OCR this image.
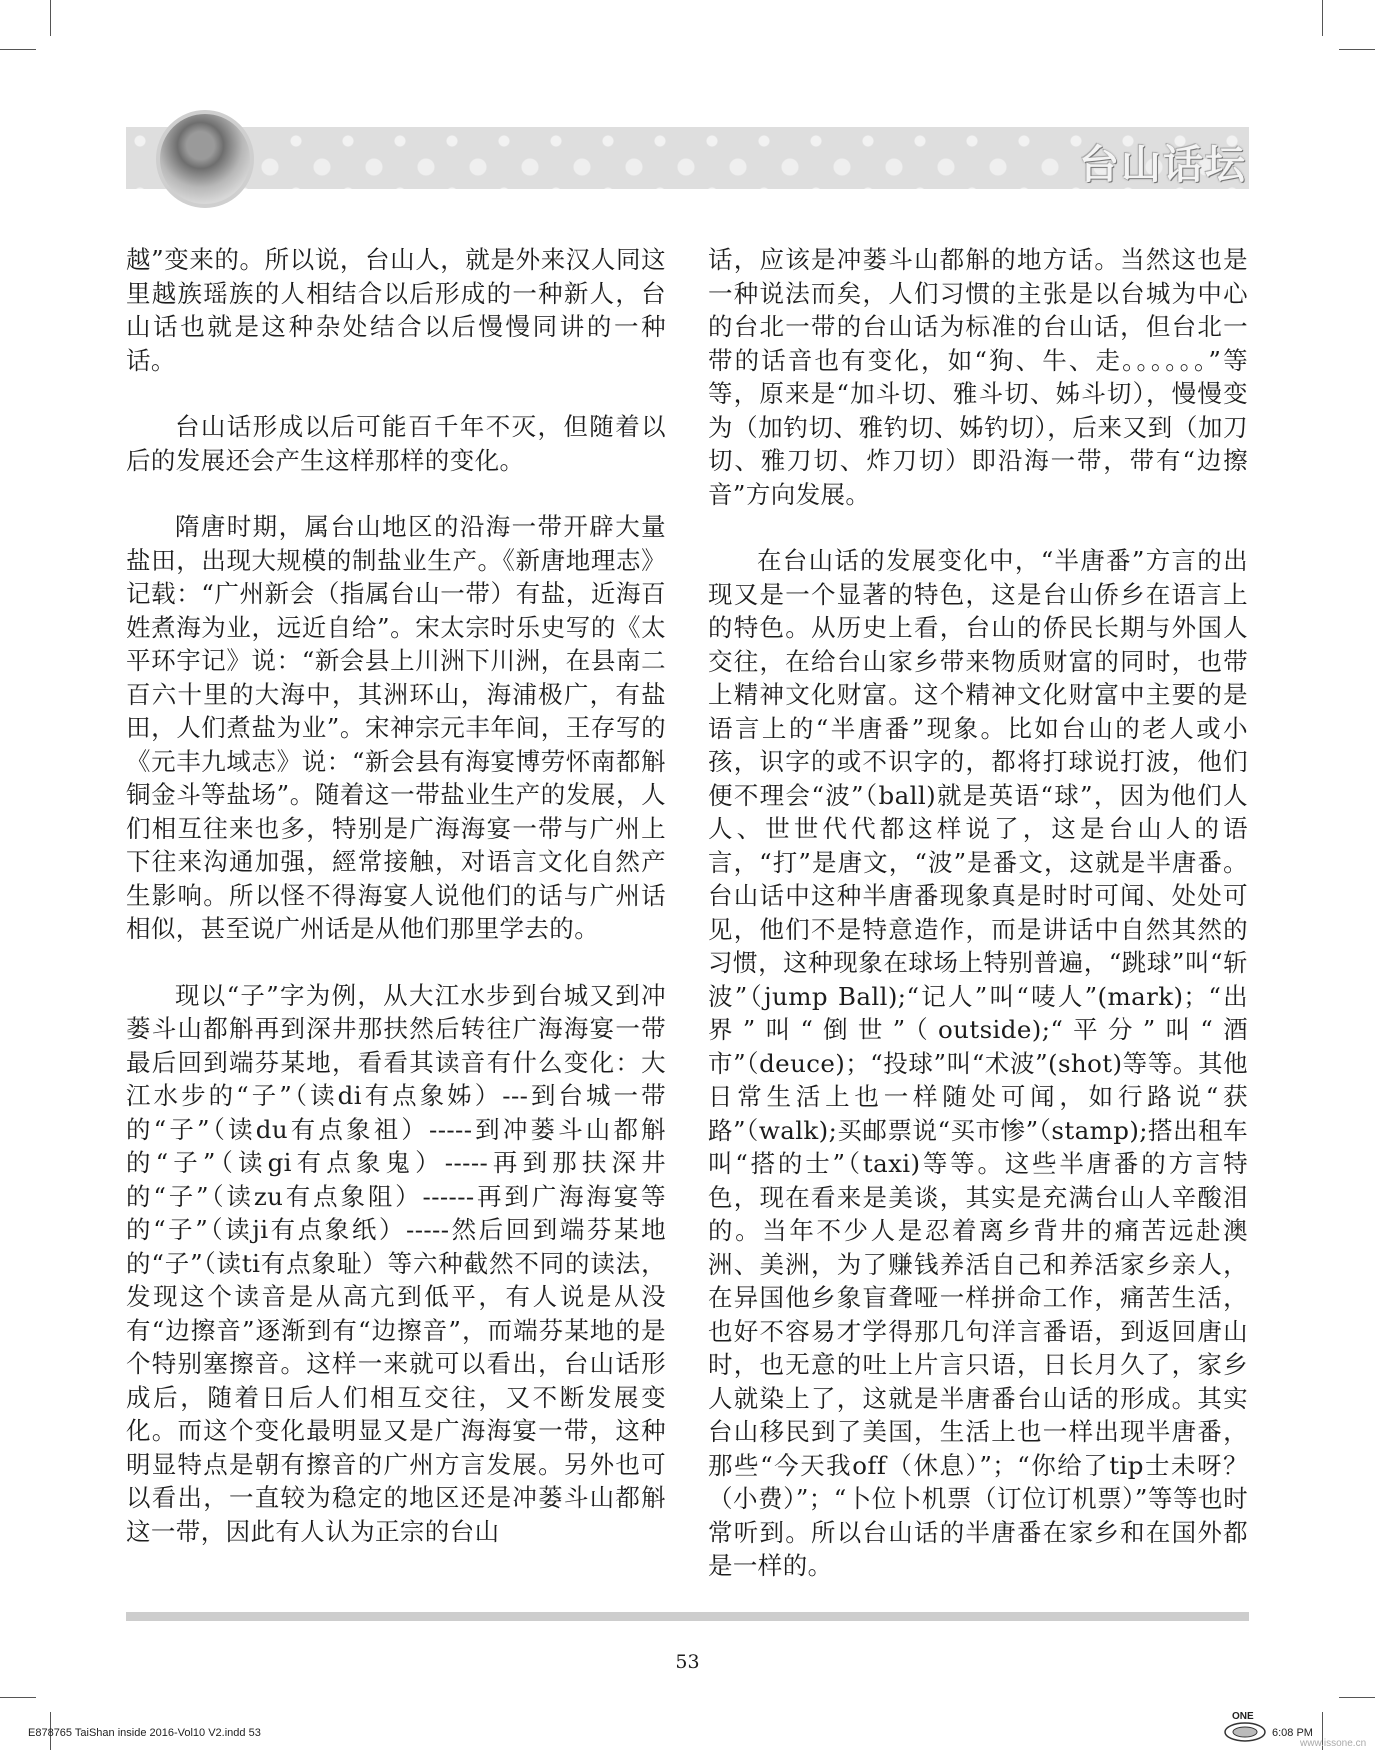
台山话坛

越”变来的。所以说，台山人，就是外来汉人同这里越族瑶族的人相结合以后形成的一种新人，台山话也就是这种杂处结合以后慢慢同讲的一种话。

台山话形成以后可能百千年不灭，但随着以后的发展还会产生这样那样的变化。

隋唐时期，属台山地区的沿海一带开辟大量盐田，出现大规模的制盐业生产。《新唐地理志》记载：“广州新会（指属台山一带）有盐，近海百姓煮海为业，远近自给”。宋太宗时乐史写的《太平环宇记》说：“新会县上川洲下川洲，在县南二百六十里的大海中，其洲环山，海浦极广，有盐田，人们煮盐为业”。宋神宗元丰年间，王存写的《元丰九域志》说：“新会县有海宴博劳怀南都斛铜金斗等盐场”。随着这一带盐业生产的发展，人们相互往来也多，特别是广海海宴一带与广州上下往来沟通加强，經常接触，对语言文化自然产生影响。所以怪不得海宴人说他们的话与广州话相似，甚至说广州话是从他们那里学去的。

现以“子”字为例，从大江水步到台城又到冲蒌斗山都斛再到深井那扶然后转往广海海宴一带最后回到端芬某地，看看其读音有什么变化：大江水步的“子”（读di有点象姊）---到台城一带的“子”（读du有点象祖）-----到冲蒌斗山都斛的“子”（读gi有点象鬼）-----再到那扶深井的“子”（读zu有点象阻）------再到广海海宴等的“子”（读ji有点象纸）-----然后回到端芬某地的“子”（读ti有点象耻）等六种截然不同的读法，发现这个读音是从高亢到低平，有人说是从没有“边擦音”逐渐到有“边擦音”，而端芬某地的是个特别塞擦音。这样一来就可以看出，台山话形成后，随着日后人们相互交往，又不断发展变化。而这个变化最明显又是广海海宴一带，这种明显特点是朝有擦音的广州方言发展。另外也可以看出，一直较为稳定的地区还是冲蒌斗山都斛这一带，因此有人认为正宗的台山

话，应该是冲蒌斗山都斛的地方话。当然这也是一种说法而矣，人们习惯的主张是以台城为中心的台北一带的台山话为标准的台山话，但台北一带的话音也有变化，如“狗、牛、走。。。。。。”等等，原来是“加斗切、雅斗切、姊斗切），慢慢变为（加钓切、雅钓切、姊钓切），后来又到（加刀切、雅刀切、炸刀切）即沿海一带，带有“边擦音”方向发展。

在台山话的发展变化中，“半唐番”方言的出现又是一个显著的特色，这是台山侨乡在语言上的特色。从历史上看，台山的侨民长期与外国人交往，在给台山家乡带来物质财富的同时，也带上精神文化财富。这个精神文化财富中主要的是语言上的“半唐番”现象。比如台山的老人或小孩，识字的或不识字的，都将打球说打波，他们便不理会“波”（ball)就是英语“球”，因为他们人人、世世代代都这样说了，这是台山人的语言，“打”是唐文，“波”是番文，这就是半唐番。台山话中这种半唐番现象真是时时可闻、处处可见，他们不是特意造作，而是讲话中自然其然的习惯，这种现象在球场上特别普遍，“跳球”叫“斩波”（jump Ball);“记人”叫“唛人”(mark)；“出界”叫“倒世”（outside);“平分”叫“酒市”（deuce)；“投球”叫“术波”(shot)等等。其他日常生活上也一样随处可闻，如行路说“获路”（walk);买邮票说“买市惨”（stamp);搭出租车叫“搭的士”（taxi)等等。这些半唐番的方言特色，现在看来是美谈，其实是充满台山人辛酸泪的。当年不少人是忍着离乡背井的痛苦远赴澳洲、美洲，为了赚钱养活自己和养活家乡亲人，在异国他乡象盲聋哑一样拼命工作，痛苦生活，也好不容易才学得那几句洋言番语，到返回唐山时，也无意的吐上片言只语，日长月久了，家乡人就染上了，这就是半唐番台山话的形成。其实台山移民到了美国，生活上也一样出现半唐番，那些“今天我off（休息）”；“你给了tip士未呀？（小费）”；“卜位卜机票（订位订机票）”等等也时常听到。所以台山话的半唐番在家乡和在国外都是一样的。

53
E878765 TaiShan inside 2016-Vol10 V2.indd 53
ONE
6:08 PM
www.issone.cn
